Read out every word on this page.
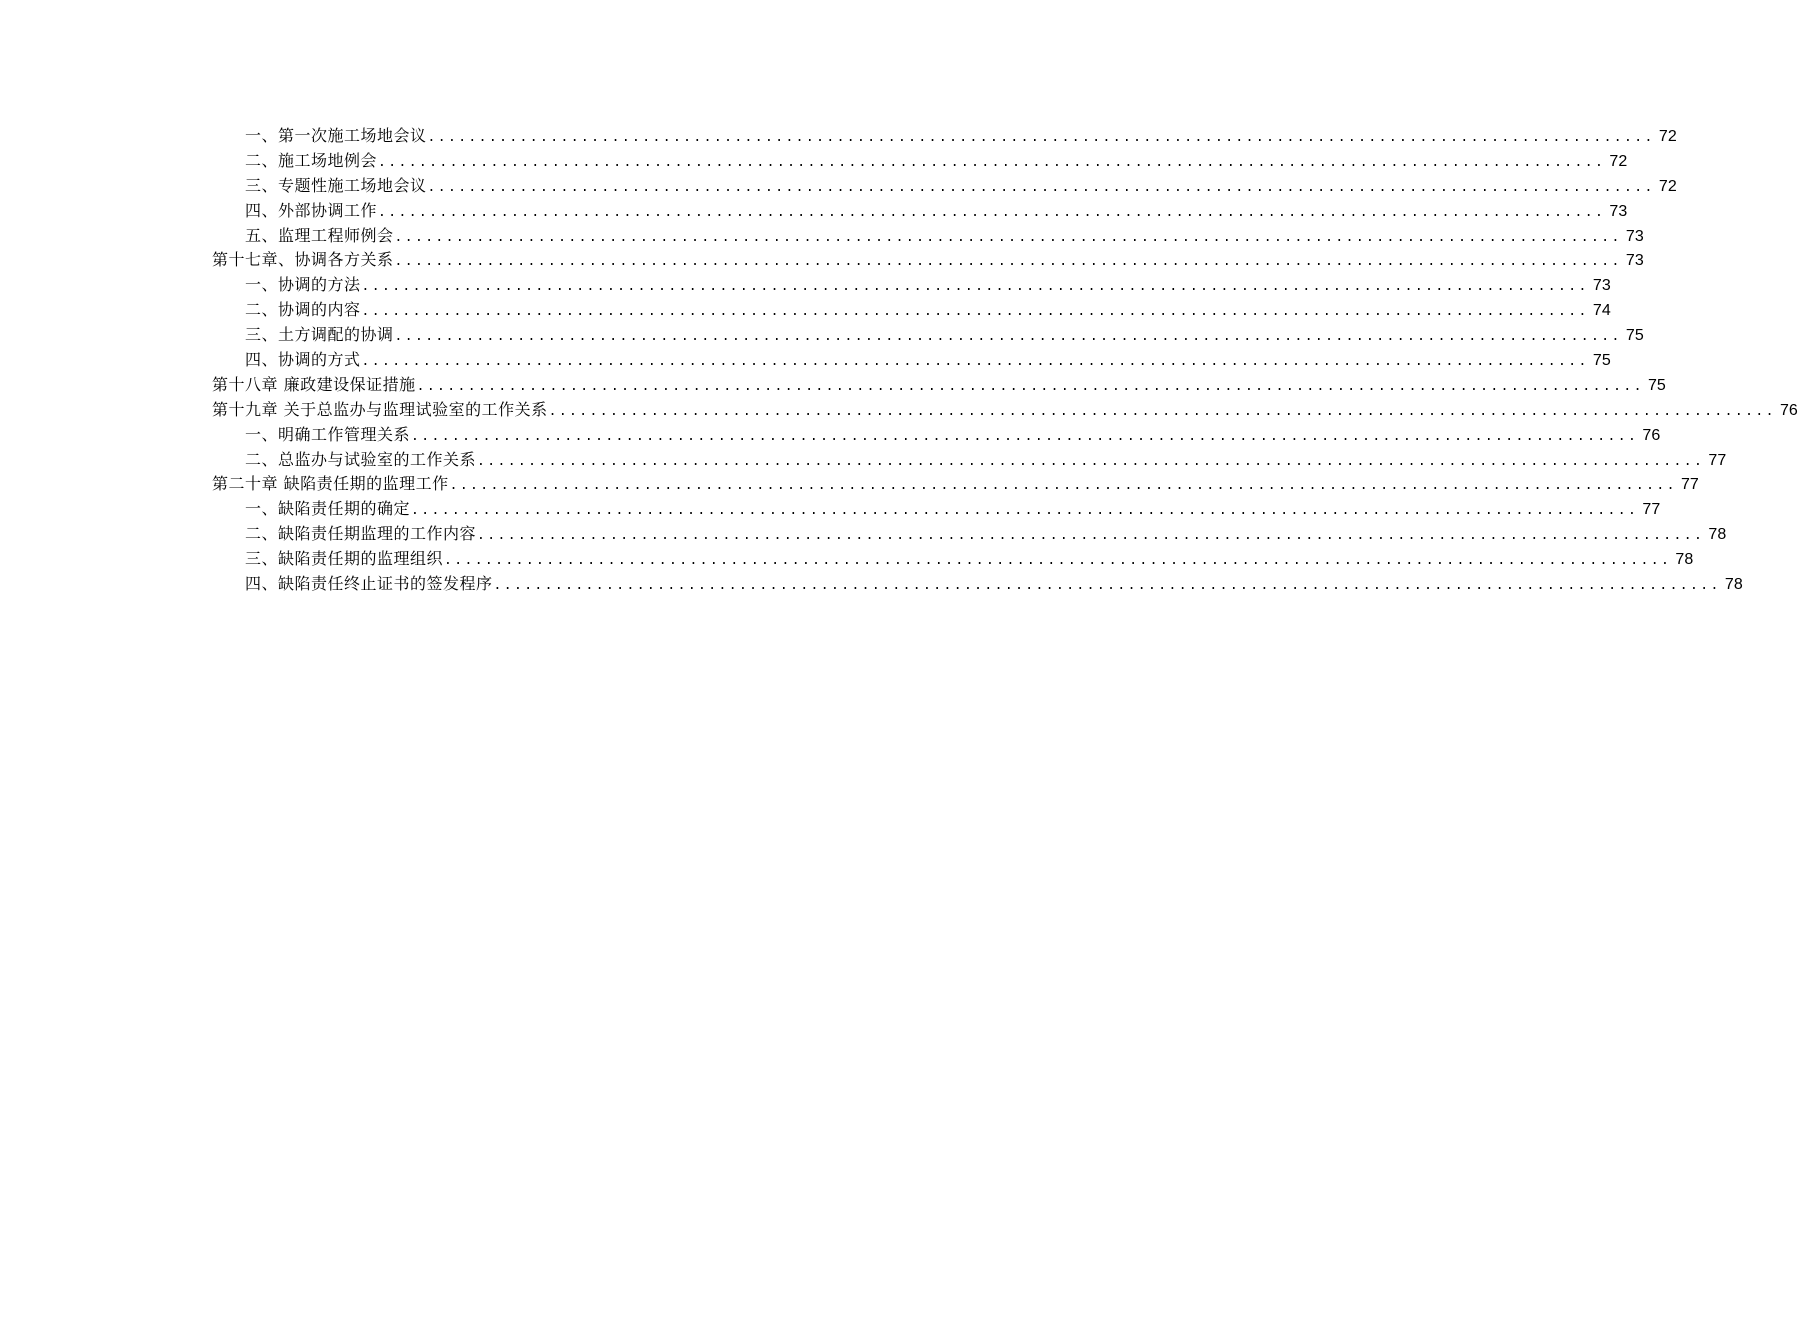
一、第一次施工场地会议 ........................................................................................................................ 72
二、施工场地例会 ........................................................................................................................ 72
三、专题性施工场地会议 ........................................................................................................................ 72
四、外部协调工作 ........................................................................................................................ 73
五、监理工程师例会 ........................................................................................................................ 73
第十七章、协调各方关系 ........................................................................................................................ 73
一、协调的方法 ........................................................................................................................ 73
二、协调的内容 ........................................................................................................................ 74
三、土方调配的协调 ........................................................................................................................ 75
四、协调的方式 ........................................................................................................................ 75
第十八章 廉政建设保证措施 ........................................................................................................................ 75
第十九章 关于总监办与监理试验室的工作关系 ........................................................................................................................ 76
一、明确工作管理关系 ........................................................................................................................ 76
二、总监办与试验室的工作关系 ........................................................................................................................ 77
第二十章 缺陷责任期的监理工作 ........................................................................................................................ 77
一、缺陷责任期的确定 ........................................................................................................................ 77
二、缺陷责任期监理的工作内容 ........................................................................................................................ 78
三、缺陷责任期的监理组织 ........................................................................................................................ 78
四、缺陷责任终止证书的签发程序 ........................................................................................................................ 78
